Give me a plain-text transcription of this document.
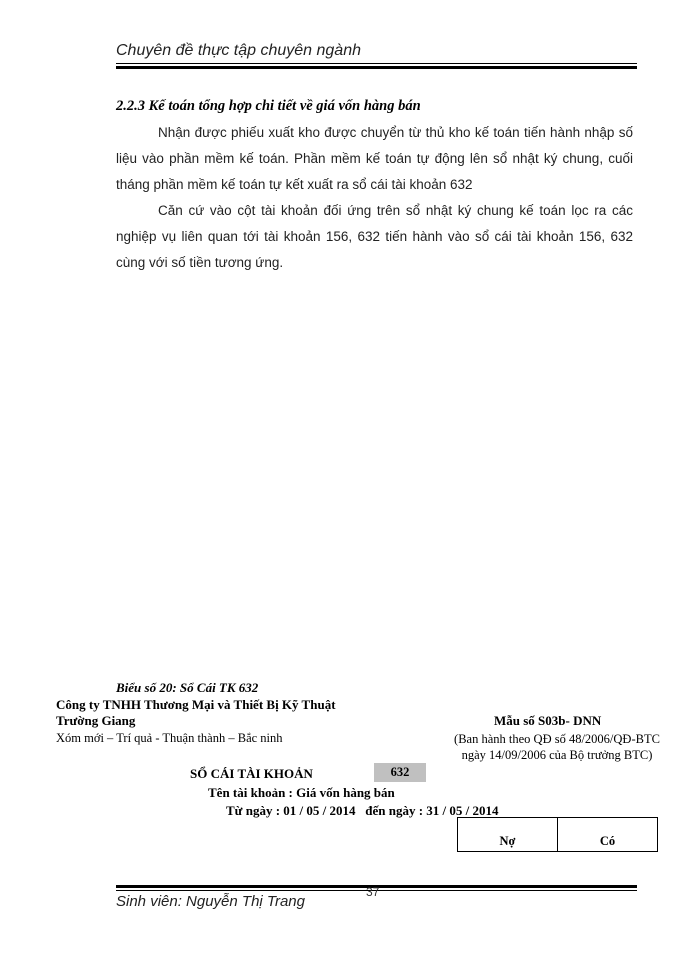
Chuyên đề thực tập chuyên ngành
2.2.3 Kế toán tổng hợp chi tiết về giá vốn hàng bán

Nhận được phiếu xuất kho được chuyển từ thủ kho kế toán tiến hành nhập số liệu vào phần mềm kế toán. Phần mềm kế toán tự động lên sổ nhật ký chung, cuối tháng phần mềm kế toán tự kết xuất ra sổ cái tài khoản 632

Căn cứ vào cột tài khoản đối ứng trên sổ nhật ký chung kế toán lọc ra các nghiệp vụ liên quan tới tài khoản 156, 632 tiến hành vào sổ cái tài khoản 156, 632 cùng với số tiền tương ứng.

Biểu số 20: Sổ Cái TK 632
Công ty TNHH Thương Mại và Thiết Bị Kỹ Thuật
Trường Giang
Xóm mới – Trí quả - Thuận thành – Bắc ninh
Mẫu số S03b- DNN
(Ban hành theo QĐ số 48/2006/QĐ-BTC
ngày 14/09/2006 của Bộ trưởng BTC)
SỔ CÁI TÀI KHOẢN	632
Tên tài khoản : Giá vốn hàng bán
Từ ngày : 01 / 05 / 2014 đến ngày : 31 / 05 / 2014
Nợ	Có
37
Sinh viên: Nguyễn Thị Trang
